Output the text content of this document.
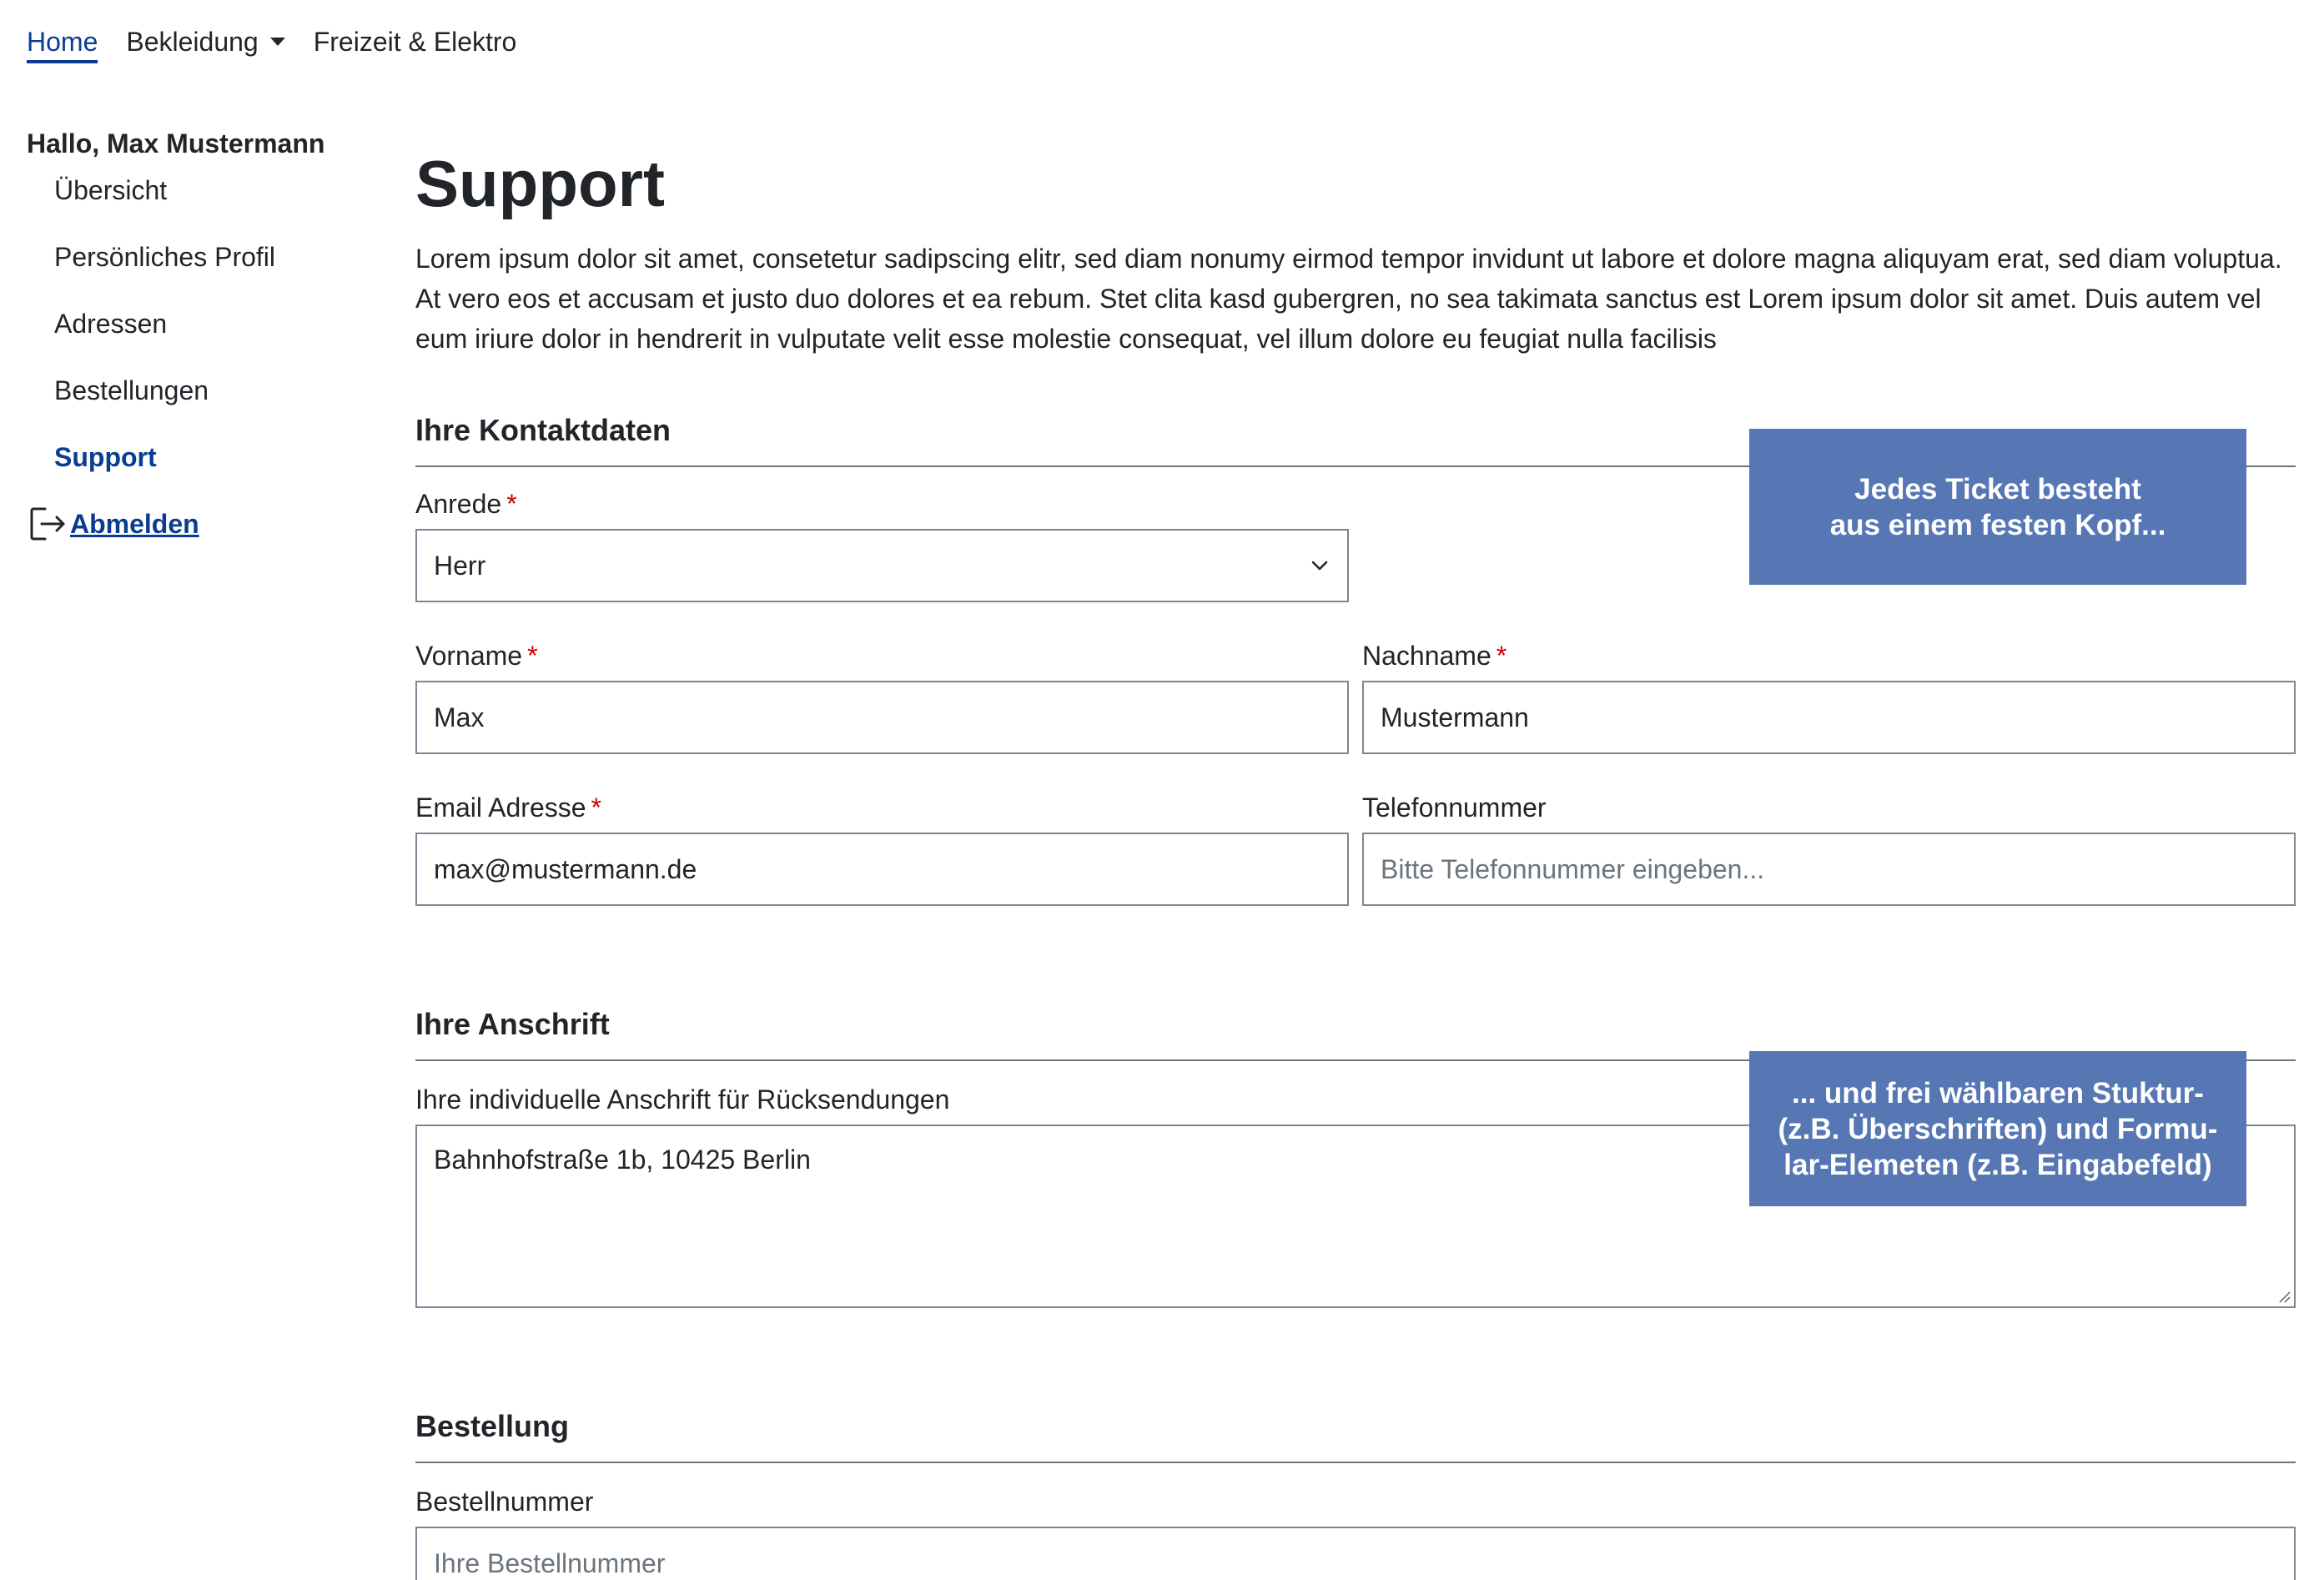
Home Bekleidung	Freizeit & Elektro
Hallo, Max Mustermann
Übersicht
Persönliches Profil
Adressen
Bestellungen
Support
Abmelden
Support

Lorem ipsum dolor sit amet, consetetur sadipscing elitr, sed diam nonumy eirmod tempor invidunt ut labore et dolore magna aliquyam erat, sed diam voluptua. At vero eos et accusam et justo duo dolores et ea rebum. Stet clita kasd gubergren, no sea takimata sanctus est Lorem ipsum dolor sit amet. Duis autem vel eum iriure dolor in hendrerit in vulputate velit esse molestie consequat, vel illum dolore eu feugiat nulla facilisis

Ihre Kontaktdaten
Anrede *
Herr
Vorname *
Max
Nachname *
Mustermann
Email Adresse *
max@mustermann.de
Telefonnummer
Bitte Telefonnummer eingeben...
Ihre Anschrift
Ihre individuelle Anschrift für Rücksendungen
Bahnhofstraße 1b, 10425 Berlin
Bestellung
Bestellnummer
Ihre Bestellnummer
Jedes Ticket besteht
aus einem festen Kopf...
... und frei wählbaren Stuktur-
(z.B. Überschriften) und Formu-
lar-Elemeten (z.B. Eingabefeld)
